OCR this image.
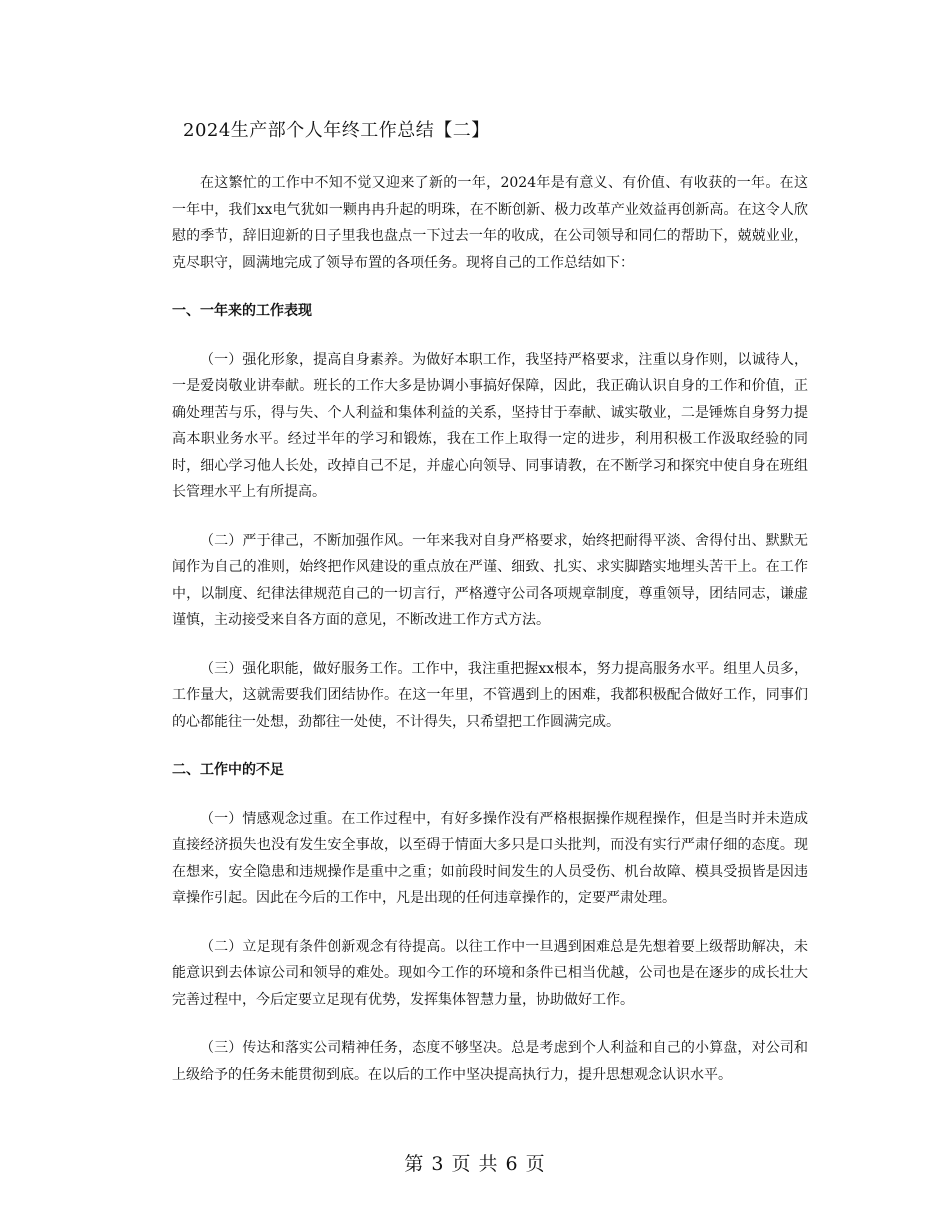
2024生产部个人年终工作总结【二】

在这繁忙的工作中不知不觉又迎来了新的一年，2024年是有意义、有价值、有收获的一年。在这一年中，我们xx电气犹如一颗冉冉升起的明珠，在不断创新、极力改革产业效益再创新高。在这令人欣慰的季节，辞旧迎新的日子里我也盘点一下过去一年的收成，在公司领导和同仁的帮助下，兢兢业业，克尽职守，圆满地完成了领导布置的各项任务。现将自己的工作总结如下：

一、一年来的工作表现

（一）强化形象，提高自身素养。为做好本职工作，我坚持严格要求，注重以身作则，以诚待人，一是爱岗敬业讲奉献。班长的工作大多是协调小事搞好保障，因此，我正确认识自身的工作和价值，正确处理苦与乐，得与失、个人利益和集体利益的关系，坚持甘于奉献、诚实敬业，二是锤炼自身努力提高本职业务水平。经过半年的学习和锻炼，我在工作上取得一定的进步，利用积极工作汲取经验的同时，细心学习他人长处，改掉自己不足，并虚心向领导、同事请教，在不断学习和探究中使自身在班组长管理水平上有所提高。

（二）严于律己，不断加强作风。一年来我对自身严格要求，始终把耐得平淡、舍得付出、默默无闻作为自己的准则，始终把作风建设的重点放在严谨、细致、扎实、求实脚踏实地埋头苦干上。在工作中，以制度、纪律法律规范自己的一切言行，严格遵守公司各项规章制度，尊重领导，团结同志，谦虚谨慎，主动接受来自各方面的意见，不断改进工作方式方法。

（三）强化职能，做好服务工作。工作中，我注重把握xx根本，努力提高服务水平。组里人员多，工作量大，这就需要我们团结协作。在这一年里，不管遇到上的困难，我都积极配合做好工作，同事们的心都能往一处想，劲都往一处使，不计得失，只希望把工作圆满完成。

二、工作中的不足

（一）情感观念过重。在工作过程中，有好多操作没有严格根据操作规程操作，但是当时并未造成直接经济损失也没有发生安全事故，以至碍于情面大多只是口头批判，而没有实行严肃仔细的态度。现在想来，安全隐患和违规操作是重中之重；如前段时间发生的人员受伤、机台故障、模具受损皆是因违章操作引起。因此在今后的工作中，凡是出现的任何违章操作的，定要严肃处理。

（二）立足现有条件创新观念有待提高。以往工作中一旦遇到困难总是先想着要上级帮助解决，未能意识到去体谅公司和领导的难处。现如今工作的环境和条件已相当优越，公司也是在逐步的成长壮大完善过程中，今后定要立足现有优势，发挥集体智慧力量，协助做好工作。

（三）传达和落实公司精神任务，态度不够坚决。总是考虑到个人利益和自己的小算盘，对公司和上级给予的任务未能贯彻到底。在以后的工作中坚决提高执行力，提升思想观念认识水平。

第 3 页 共 6 页
